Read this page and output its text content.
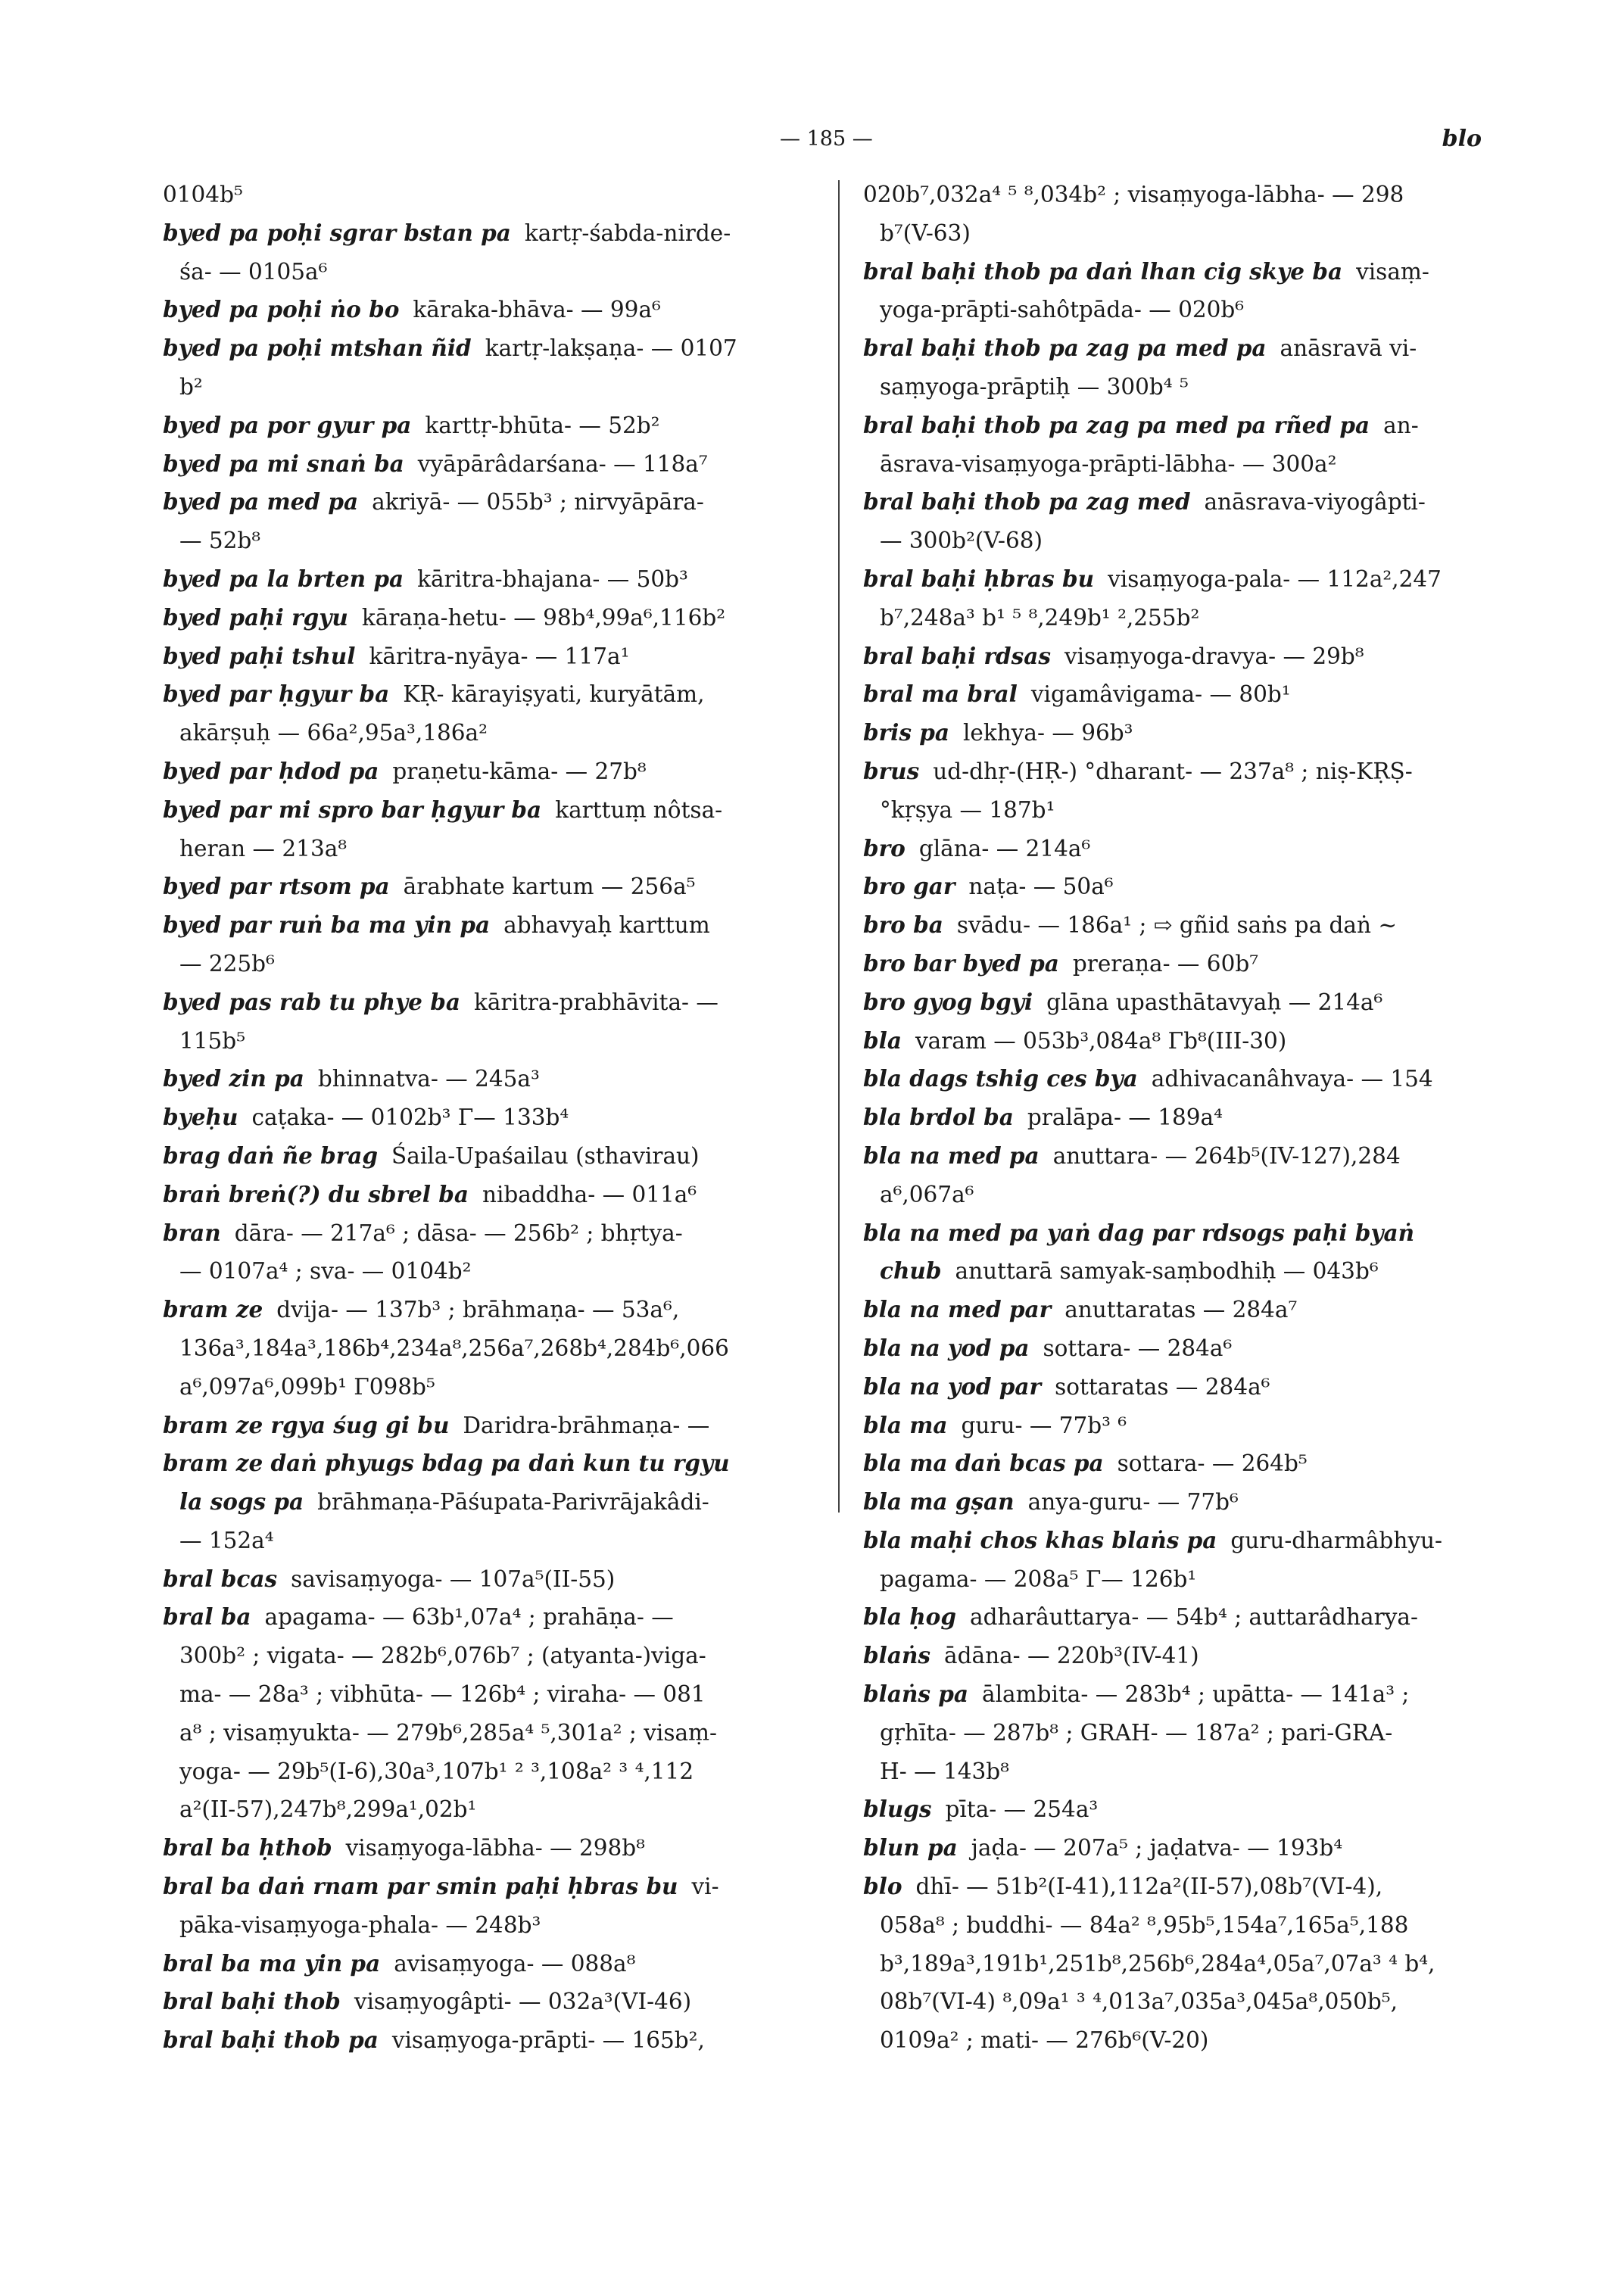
— 185 —	blo
0104b⁵
byed pa poḥi sgrar bstan pa kartṛ-śabda-nirde-
śa- — 0105a⁶
byed pa poḥi ṅo bo kāraka-bhāva- — 99a⁶
byed pa poḥi mtshan ñid kartṛ-lakṣaṇa- — 0107
b²
byed pa por gyur pa karttṛ-bhūta- — 52b²
byed pa mi snaṅ ba vyāpārâdarśana- — 118a⁷
byed pa med pa akriyā- — 055b³ ; nirvyāpāra-
— 52b⁸
byed pa la brten pa kāritra-bhajana- — 50b³
byed paḥi rgyu kāraṇa-hetu- — 98b⁴,99a⁶,116b²
byed paḥi tshul kāritra-nyāya- — 117a¹
byed par ḥgyur ba KṚ- kārayiṣyati, kuryātām,
akārṣuḥ — 66a²,95a³,186a²
byed par ḥdod pa praṇetu-kāma- — 27b⁸
byed par mi spro bar ḥgyur ba karttuṃ nôtsa-
heran — 213a⁸
byed par rtsom pa ārabhate kartum — 256a⁵
byed par ruṅ ba ma yin pa abhavyaḥ karttum
— 225b⁶
byed pas rab tu phye ba kāritra-prabhāvita- —
115b⁵
byed zin pa bhinnatva- — 245a³
byeḥu caṭaka- — 0102b³ Γ— 133b⁴
brag daṅ ñe brag Śaila-Upaśailau (sthavirau)
braṅ breṅ(?) du sbrel ba nibaddha- — 011a⁶
bran dāra- — 217a⁶ ; dāsa- — 256b² ; bhṛtya-
— 0107a⁴ ; sva- — 0104b²
bram ze dvija- — 137b³ ; brāhmaṇa- — 53a⁶,
136a³,184a³,186b⁴,234a⁸,256a⁷,268b⁴,284b⁶,066
a⁶,097a⁶,099b¹ Γ098b⁵
bram ze rgya śug gi bu Daridra-brāhmaṇa- —
bram ze daṅ phyugs bdag pa daṅ kun tu rgyu
la sogs pa brāhmaṇa-Pāśupata-Parivrājakâdi-
— 152a⁴
bral bcas savisaṃyoga- — 107a⁵(II-55)
bral ba apagama- — 63b¹,07a⁴ ; prahāṇa- —
300b² ; vigata- — 282b⁶,076b⁷ ; (atyanta-)viga-
ma- — 28a³ ; vibhūta- — 126b⁴ ; viraha- — 081
a⁸ ; visaṃyukta- — 279b⁶,285a⁴ ⁵,301a² ; visaṃ-
yoga- — 29b⁵(I-6),30a³,107b¹ ² ³,108a² ³ ⁴,112
a²(II-57),247b⁸,299a¹,02b¹
bral ba ḥthob visaṃyoga-lābha- — 298b⁸
bral ba daṅ rnam par smin paḥi ḥbras bu vi-
pāka-visaṃyoga-phala- — 248b³
bral ba ma yin pa avisaṃyoga- — 088a⁸
bral baḥi thob visaṃyogâpti- — 032a³(VI-46)
bral baḥi thob pa visaṃyoga-prāpti- — 165b²,
020b⁷,032a⁴ ⁵ ⁸,034b² ; visaṃyoga-lābha- — 298
b⁷(V-63)
bral baḥi thob pa daṅ lhan cig skye ba visaṃ-
yoga-prāpti-sahôtpāda- — 020b⁶
bral baḥi thob pa zag pa med pa anāsravā vi-
saṃyoga-prāptiḥ — 300b⁴ ⁵
bral baḥi thob pa zag pa med pa rñed pa an-
āsrava-visaṃyoga-prāpti-lābha- — 300a²
bral baḥi thob pa zag med anāsrava-viyogâpti-
— 300b²(V-68)
bral baḥi ḥbras bu visaṃyoga-pala- — 112a²,247
b⁷,248a³ b¹ ⁵ ⁸,249b¹ ²,255b²
bral baḥi rdsas visaṃyoga-dravya- — 29b⁸
bral ma bral vigamâvigama- — 80b¹
bris pa lekhya- — 96b³
brus ud-dhṛ-(HṚ-) °dharant- — 237a⁸ ; niṣ-KṚṢ-
°kṛṣya — 187b¹
bro glāna- — 214a⁶
bro gar naṭa- — 50a⁶
bro ba svādu- — 186a¹ ; ⇨ gñid saṅs pa daṅ ~
bro bar byed pa preraṇa- — 60b⁷
bro gyog bgyi glāna upasthātavyaḥ — 214a⁶
bla varam — 053b³,084a⁸ Γb⁸(III-30)
bla dags tshig ces bya adhivacanâhvaya- — 154
bla brdol ba pralāpa- — 189a⁴
bla na med pa anuttara- — 264b⁵(IV-127),284
a⁶,067a⁶
bla na med pa yaṅ dag par rdsogs paḥi byaṅ
chub anuttarā samyak-saṃbodhiḥ — 043b⁶
bla na med par anuttaratas — 284a⁷
bla na yod pa sottara- — 284a⁶
bla na yod par sottaratas — 284a⁶
bla ma guru- — 77b³ ⁶
bla ma daṅ bcas pa sottara- — 264b⁵
bla ma gṣan anya-guru- — 77b⁶
bla maḥi chos khas blaṅs pa guru-dharmâbhyu-
pagama- — 208a⁵ Γ— 126b¹
bla ḥog adharâuttarya- — 54b⁴ ; auttarâdharya-
blaṅs ādāna- — 220b³(IV-41)
blaṅs pa ālambita- — 283b⁴ ; upātta- — 141a³ ;
gṛhīta- — 287b⁸ ; GRAH- — 187a² ; pari-GRA-
H- — 143b⁸
blugs pīta- — 254a³
blun pa jaḍa- — 207a⁵ ; jaḍatva- — 193b⁴
blo dhī- — 51b²(I-41),112a²(II-57),08b⁷(VI-4),
058a⁸ ; buddhi- — 84a² ⁸,95b⁵,154a⁷,165a⁵,188
b³,189a³,191b¹,251b⁸,256b⁶,284a⁴,05a⁷,07a³ ⁴ b⁴,
08b⁷(VI-4) ⁸,09a¹ ³ ⁴,013a⁷,035a³,045a⁸,050b⁵,
0109a² ; mati- — 276b⁶(V-20)
